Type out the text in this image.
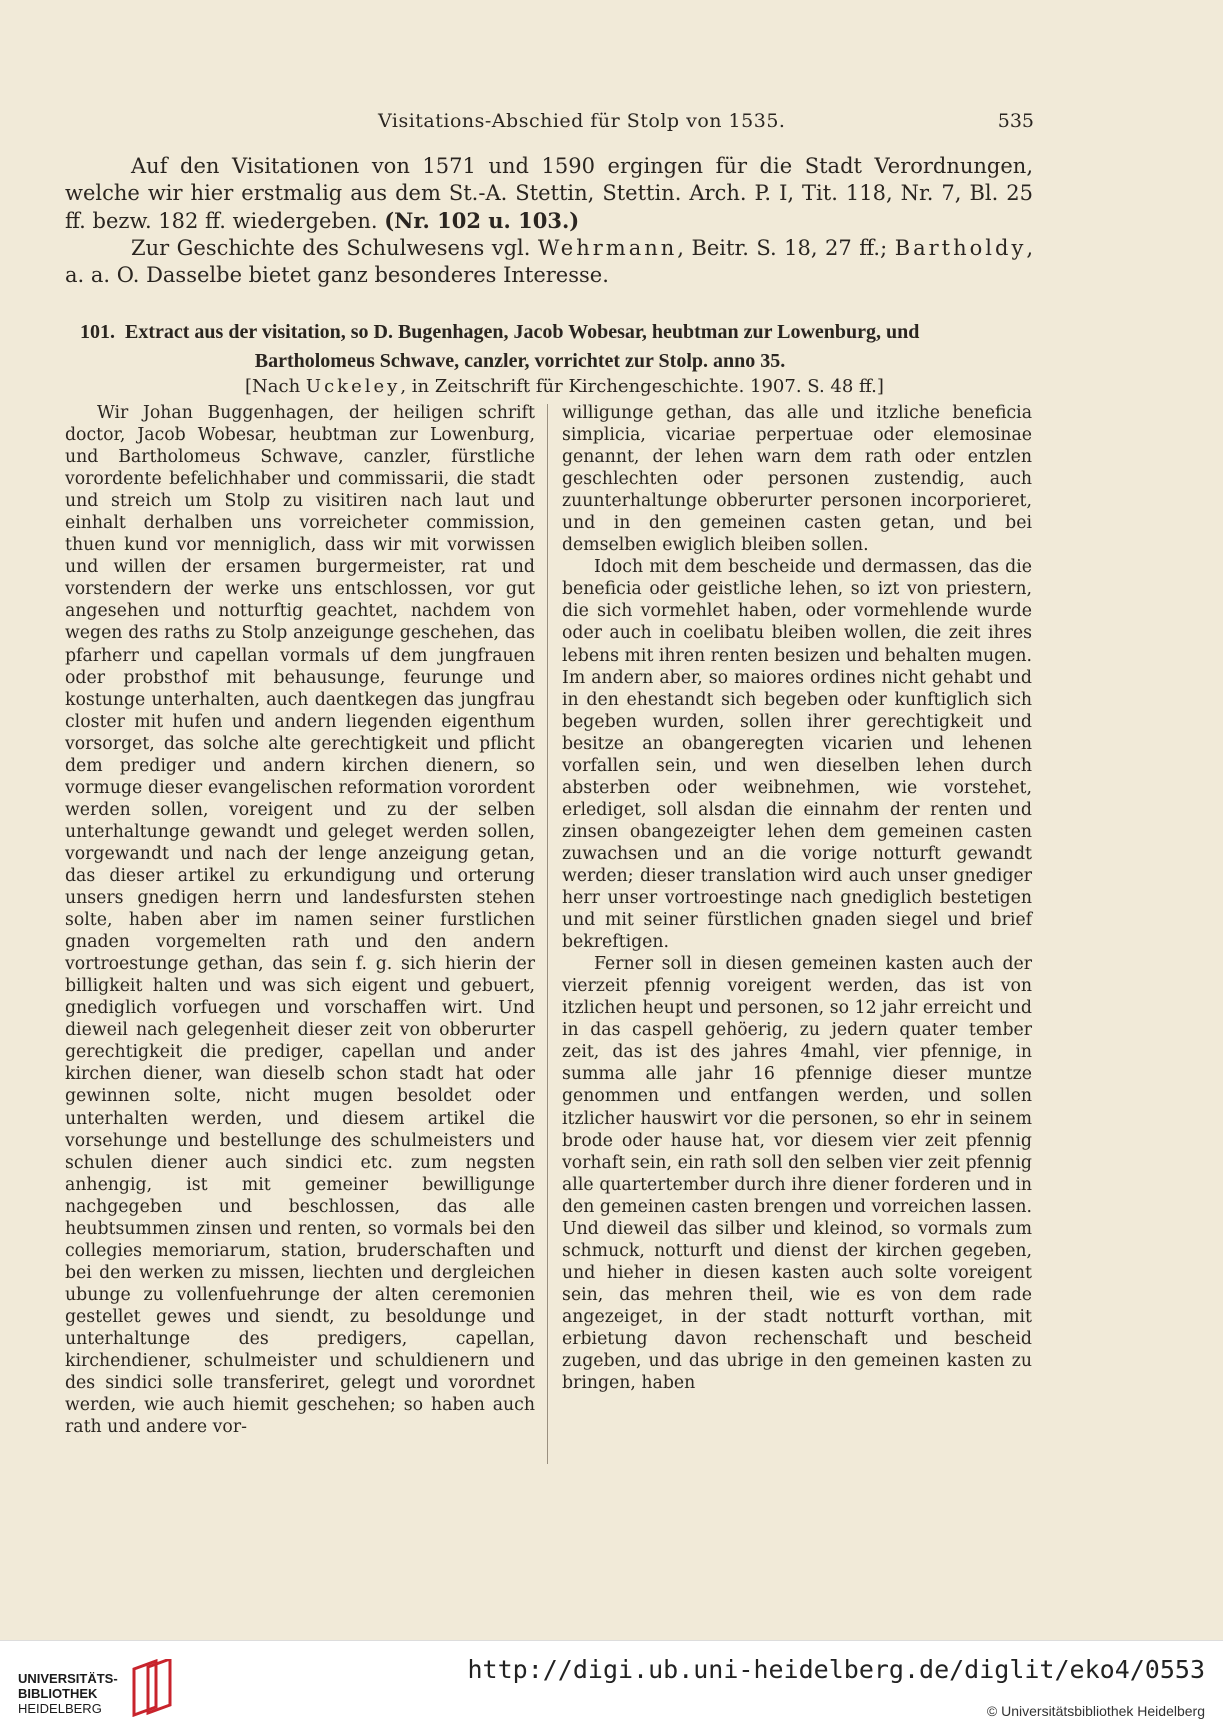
Visitations-Abschied für Stolp von 1535.	535

Auf den Visitationen von 1571 und 1590 ergingen für die Stadt Verordnungen, welche wir hier erstmalig aus dem St.-A. Stettin, Stettin. Arch. P. I, Tit. 118, Nr. 7, Bl. 25 ff. bezw. 182 ff. wiedergeben. (Nr. 102 u. 103.)

Zur Geschichte des Schulwesens vgl. Wehrmann, Beitr. S. 18, 27 ff.; Bartholdy, a. a. O. Dasselbe bietet ganz besonderes Interesse.

101. Extract aus der visitation, so D. Bugenhagen, Jacob Wobesar, heubtman zur Lowenburg, und
Bartholomeus Schwave, canzler, vorrichtet zur Stolp. anno 35.
[Nach Uckeley, in Zeitschrift für Kirchengeschichte. 1907. S. 48 ff.]

Wir Johan Buggenhagen, der heiligen schrift doctor, Jacob Wobesar, heubtman zur Lowenburg, und Bartholomeus Schwave, canzler, fürstliche vorordente befelichhaber und commissarii, die stadt und streich um Stolp zu visitiren nach laut und einhalt derhalben uns vorreicheter commission, thuen kund vor menniglich, dass wir mit vorwissen und willen der ersamen burgermeister, rat und vorstendern der werke uns entschlossen, vor gut angesehen und notturftig geachtet, nachdem von wegen des raths zu Stolp anzeigunge geschehen, das pfarherr und capellan vormals uf dem jungfrauen oder probsthof mit behausunge, feurunge und kostunge unterhalten, auch daentkegen das jungfrau closter mit hufen und andern liegenden eigenthum vorsorget, das solche alte gerechtigkeit und pflicht dem prediger und andern kirchen dienern, so vormuge dieser evangelischen reformation vorordent werden sollen, voreigent und zu der selben unterhaltunge gewandt und geleget werden sollen, vorgewandt und nach der lenge anzeigung getan, das dieser artikel zu erkundigung und orterung unsers gnedigen herrn und landesfursten stehen solte, haben aber im namen seiner furstlichen gnaden vorgemelten rath und den andern vortroestunge gethan, das sein f. g. sich hierin der billigkeit halten und was sich eigent und gebuert, gnediglich vorfuegen und vorschaffen wirt. Und dieweil nach gelegenheit dieser zeit von obberurter gerechtigkeit die prediger, capellan und ander kirchen diener, wan dieselb schon stadt hat oder gewinnen solte, nicht mugen besoldet oder unterhalten werden, und diesem artikel die vorsehunge und bestellunge des schulmeisters und schulen diener auch sindici etc. zum negsten anhengig, ist mit gemeiner bewilligunge nachgegeben und beschlossen, das alle heubtsummen zinsen und renten, so vormals bei den collegies memoriarum, station, bruderschaften und bei den werken zu missen, liechten und dergleichen ubunge zu vollenfuehrunge der alten ceremonien gestellet gewes und siendt, zu besoldunge und unterhaltunge des predigers, capellan, kirchendiener, schulmeister und schuldienern und des sindici solle transferiret, gelegt und vorordnet werden, wie auch hiemit geschehen; so haben auch rath und andere vor-

willigunge gethan, das alle und itzliche beneficia simplicia, vicariae perpertuae oder elemosinae genannt, der lehen warn dem rath oder entzlen geschlechten oder personen zustendig, auch zuunterhaltunge obberurter personen incorporieret, und in den gemeinen casten getan, und bei demselben ewiglich bleiben sollen.

Idoch mit dem bescheide und dermassen, das die beneficia oder geistliche lehen, so izt von priestern, die sich vormehlet haben, oder vormehlende wurde oder auch in coelibatu bleiben wollen, die zeit ihres lebens mit ihren renten besizen und behalten mugen. Im andern aber, so maiores ordines nicht gehabt und in den ehestandt sich begeben oder kunftiglich sich begeben wurden, sollen ihrer gerechtigkeit und besitze an obangeregten vicarien und lehenen vorfallen sein, und wen dieselben lehen durch absterben oder weibnehmen, wie vorstehet, erlediget, soll alsdan die einnahm der renten und zinsen obangezeigter lehen dem gemeinen casten zuwachsen und an die vorige notturft gewandt werden; dieser translation wird auch unser gnediger herr unser vortroestinge nach gnediglich bestetigen und mit seiner fürstlichen gnaden siegel und brief bekreftigen.

Ferner soll in diesen gemeinen kasten auch der vierzeit pfennig voreigent werden, das ist von itzlichen heupt und personen, so 12 jahr erreicht und in das caspell gehöerig, zu jedern quater tember zeit, das ist des jahres 4mahl, vier pfennige, in summa alle jahr 16 pfennige dieser muntze genommen und entfangen werden, und sollen itzlicher hauswirt vor die personen, so ehr in seinem brode oder hause hat, vor diesem vier zeit pfennig vorhaft sein, ein rath soll den selben vier zeit pfennig alle quartertember durch ihre diener forderen und in den gemeinen casten brengen und vorreichen lassen. Und dieweil das silber und kleinod, so vormals zum schmuck, notturft und dienst der kirchen gegeben, und hieher in diesen kasten auch solte voreigent sein, das mehren theil, wie es von dem rade angezeiget, in der stadt notturft vorthan, mit erbietung davon rechenschaft und bescheid zugeben, und das ubrige in den gemeinen kasten zu bringen, haben

UNIVERSITÄTS-
BIBLIOTHEK
HEIDELBERG
http://digi.ub.uni-heidelberg.de/diglit/eko4/0553
© Universitätsbibliothek Heidelberg
